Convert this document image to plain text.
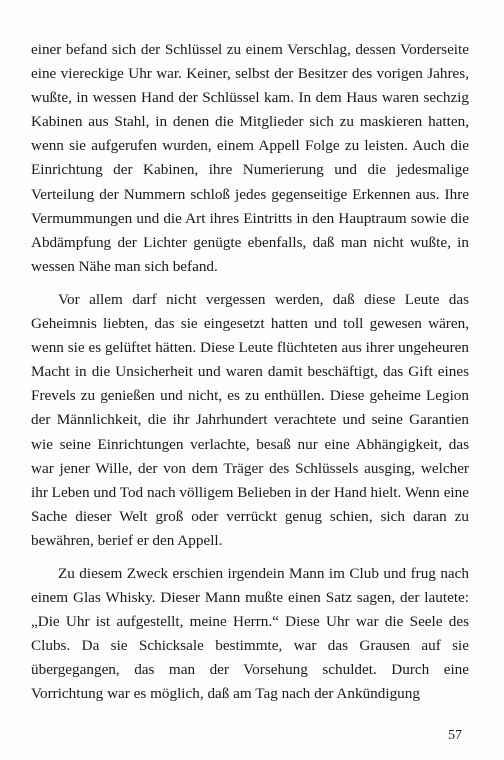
einer befand sich der Schlüssel zu einem Verschlag, dessen Vorderseite eine viereckige Uhr war. Keiner, selbst der Besitzer des vorigen Jahres, wußte, in wessen Hand der Schlüssel kam. In dem Haus waren sechzig Kabinen aus Stahl, in denen die Mitglieder sich zu maskieren hatten, wenn sie aufgerufen wurden, einem Appell Folge zu leisten. Auch die Einrichtung der Kabinen, ihre Numerierung und die jedesmalige Verteilung der Nummern schloß jedes gegenseitige Erkennen aus. Ihre Vermummungen und die Art ihres Eintritts in den Hauptraum sowie die Abdämpfung der Lichter genügte ebenfalls, daß man nicht wußte, in wessen Nähe man sich befand.

Vor allem darf nicht vergessen werden, daß diese Leute das Geheimnis liebten, das sie eingesetzt hatten und toll gewesen wären, wenn sie es gelüftet hätten. Diese Leute flüchteten aus ihrer ungeheuren Macht in die Unsicherheit und waren damit beschäftigt, das Gift eines Frevels zu genießen und nicht, es zu enthüllen. Diese geheime Legion der Männlichkeit, die ihr Jahrhundert verachtete und seine Garantien wie seine Einrichtungen verlachte, besaß nur eine Abhängigkeit, das war jener Wille, der von dem Träger des Schlüssels ausging, welcher ihr Leben und Tod nach völligem Belieben in der Hand hielt. Wenn eine Sache dieser Welt groß oder verrückt genug schien, sich daran zu bewähren, berief er den Appell.

Zu diesem Zweck erschien irgendein Mann im Club und frug nach einem Glas Whisky. Dieser Mann mußte einen Satz sagen, der lautete: „Die Uhr ist aufgestellt, meine Herrn.“ Diese Uhr war die Seele des Clubs. Da sie Schicksale bestimmte, war das Grausen auf sie übergegangen, das man der Vorsehung schuldet. Durch eine Vorrichtung war es möglich, daß am Tag nach der Ankündigung

57
